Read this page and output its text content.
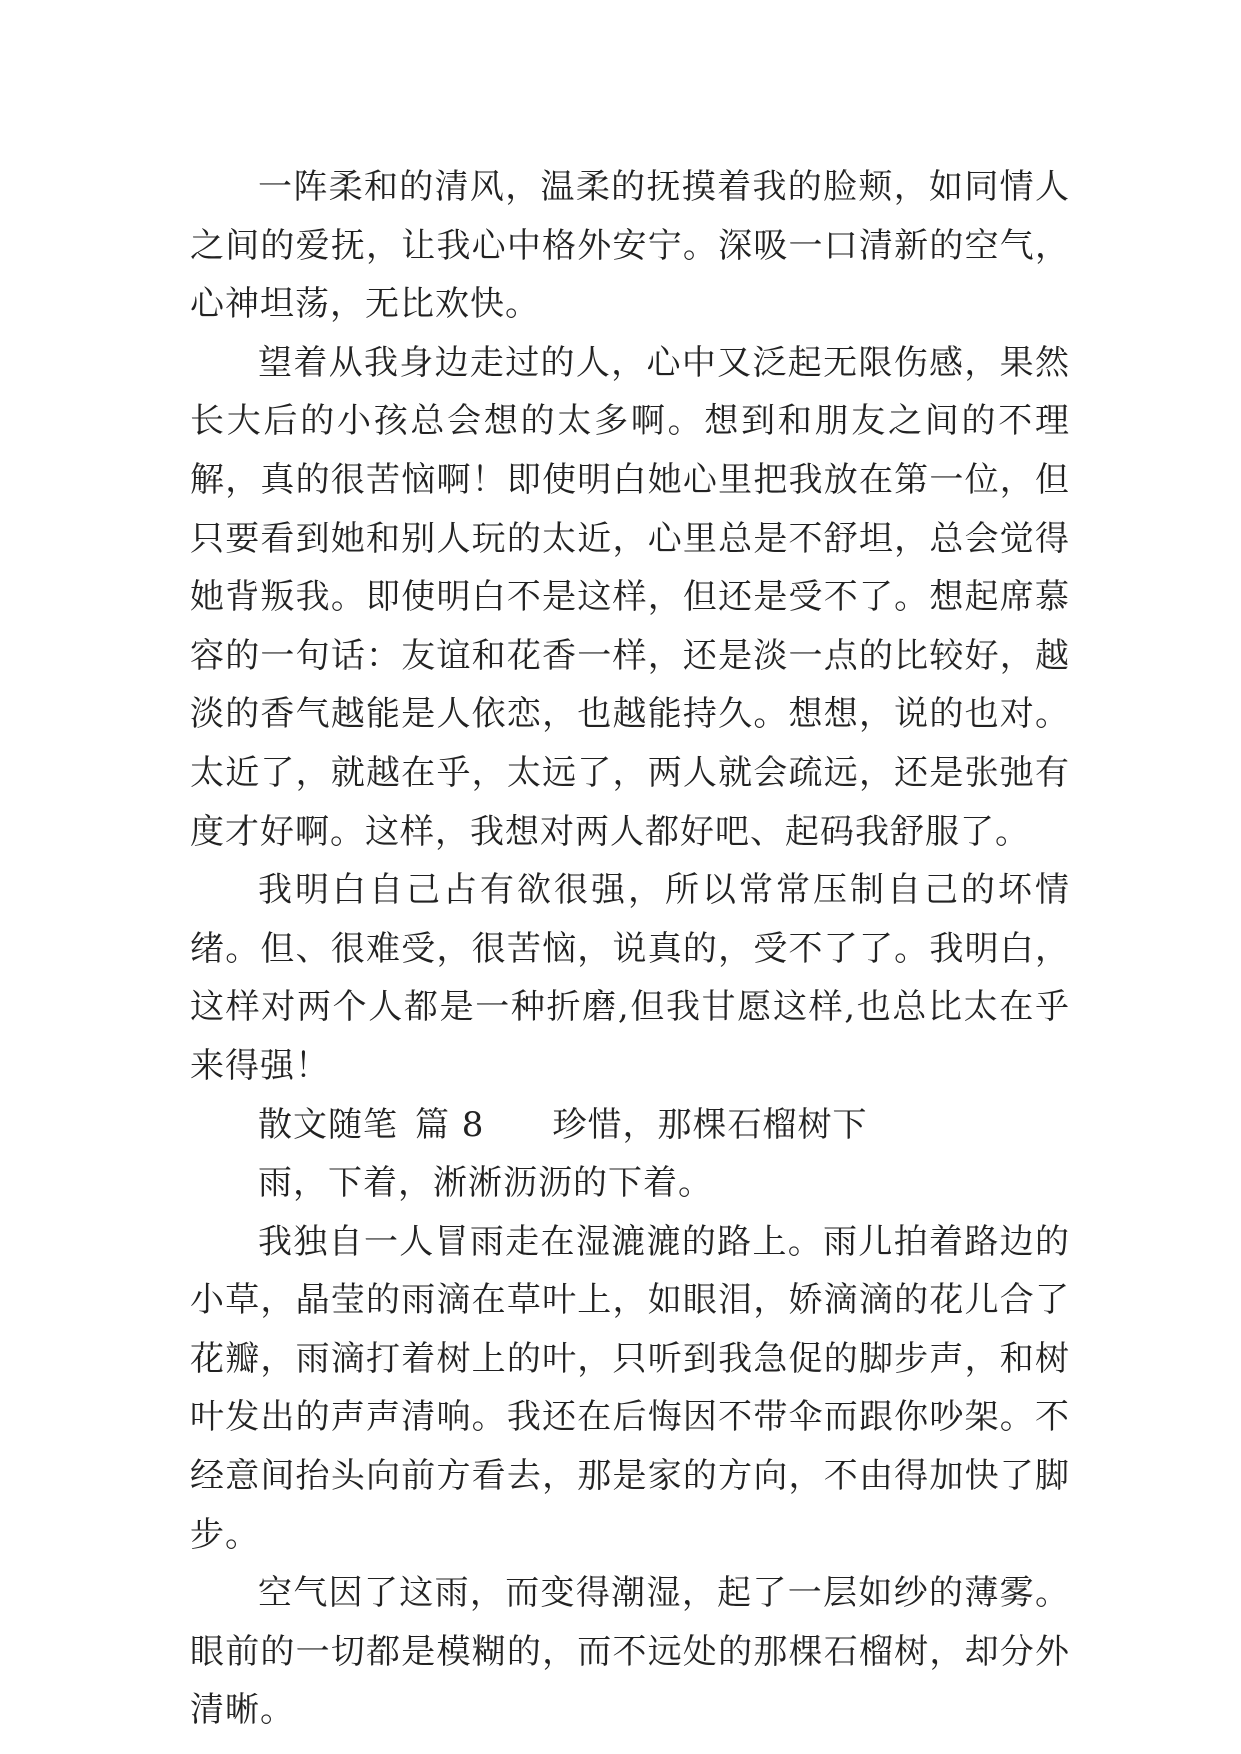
一阵柔和的清风，温柔的抚摸着我的脸颊，如同情人之间的爱抚，让我心中格外安宁。深吸一口清新的空气，心神坦荡，无比欢快。

望着从我身边走过的人，心中又泛起无限伤感，果然长大后的小孩总会想的太多啊。想到和朋友之间的不理解，真的很苦恼啊！即使明白她心里把我放在第一位，但只要看到她和别人玩的太近，心里总是不舒坦，总会觉得她背叛我。即使明白不是这样，但还是受不了。想起席慕容的一句话：友谊和花香一样，还是淡一点的比较好，越淡的香气越能是人依恋，也越能持久。想想，说的也对。太近了，就越在乎，太远了，两人就会疏远，还是张弛有度才好啊。这样，我想对两人都好吧、起码我舒服了。

我明白自己占有欲很强，所以常常压制自己的坏情绪。但、很难受，很苦恼，说真的，受不了了。我明白，这样对两个人都是一种折磨,但我甘愿这样,也总比太在乎来得强！

散文随笔 篇 8 珍惜，那棵石榴树下

雨，下着，淅淅沥沥的下着。

我独自一人冒雨走在湿漉漉的路上。雨儿拍着路边的小草，晶莹的雨滴在草叶上，如眼泪，娇滴滴的花儿合了花瓣，雨滴打着树上的叶，只听到我急促的脚步声，和树叶发出的声声清响。我还在后悔因不带伞而跟你吵架。不经意间抬头向前方看去，那是家的方向，不由得加快了脚步。

空气因了这雨，而变得潮湿，起了一层如纱的薄雾。眼前的一切都是模糊的，而不远处的那棵石榴树，却分外清晰。
